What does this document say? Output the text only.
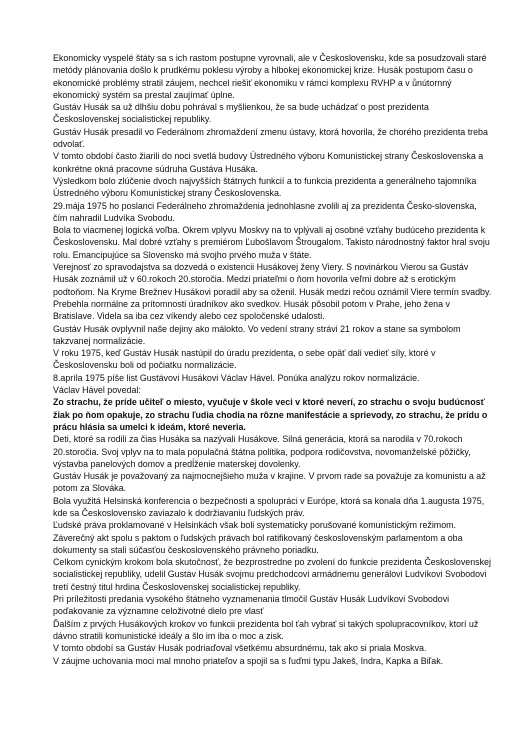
Ekonomicky vyspelé štáty sa s ich rastom postupne vyrovnali, ale v Československu, kde sa posudzovali staré metódy plánovania došlo k prudkému poklesu výroby a hlbokej ekonomickej krize. Husák postupom času o ekonomické problémy stratil záujem, nechcel riešiť ekonomiku v rámci komplexu RVHP a v ůnútornný ekonomický systém sa prestal zaujímať úplne.

Gustáv Husák sa už dlhšiu dobu pohrával s myšlienkou, že sa bude uchádzať o post prezidenta Československej socialistickej republiky.

Gustáv Husák presadil vo Federálnom zhromaždení zmenu ústavy, ktorá hovorila, že chorého prezidenta treba odvolať.

V tomto období často žiarili do noci svetlá budovy Ústredného výboru Komunistickej strany Československa a konkrétne okná pracovne súdruha Gustáva Husáka.

Výsledkom bolo zlúčenie dvoch najvyšších štátnych funkcií a to funkcia prezidenta a generálneho tajomníka Ústredného výboru Komunistickej strany Československa.

29.mája 1975 ho poslanci Federálneho zhromaždenia jednohlasne zvolili aj za prezidenta Česko-slovenska, čím nahradil Ludvíka Svobodu.

Bola to viacmenej logická voľba. Okrem vplyvu Moskvy na to vplývali aj osobné vzťahy budúceho prezidenta k Československu. Mal dobré vzťahy s premiérom Ľubošlavom Štrougalom. Takisto národnostný faktor hral svoju rolu. Emancipujúce sa Slovensko má svojho prvého muža v štáte.

Verejnosť zo spravodajstva sa dozvedá o existencii Husákovej ženy Viery. S novinárkou Vierou sa Gustáv Husák zoznámil už v 60.rokoch 20.storočia. Medzi priateľmi o ňom hovorila veľmi dobre až s erotickým podtoňom. Na Kryme Brežnev Husákovi poradil aby sa oženil. Husák medzi rečou oznámil Viere termín svadby. Prebehla normálne za prítomnosti úradníkov ako svedkov. Husák pôsobil potom v Prahe, jeho žena v Bratislave. Videla sa iba cez víkendy alebo cez spoločenské udalosti.

Gustáv Husák ovplyvnil naše dejiny ako málokto. Vo vedení strany strávi 21 rokov a stane sa symbolom takzvanej normalizácie.

V roku 1975, keď Gustáv Husák nastúpil do úradu prezidenta, o sebe opäť dali vedieť síly, ktoré v Československu boli od počiatku normalizácie.

8.apríla 1975 píše list Gustávovi Husákovi Václav Hável. Ponúka analýzu rokov normalizácie.

Václav Hável povedal:

Zo strachu, že príde učiteľ o miesto, vyučuje v škole veci v ktoré neverí, zo strachu o svoju budúcnosť žiak po ňom opakuje, zo strachu ľudia chodia na rôzne manifestácie a sprievody, zo strachu, že prídu o prácu hlásia sa umelci k ideám, ktoré neveria.

Deti, ktoré sa rodili za čias Husáka sa nazývali Husákove. Silná generácia, ktorá sa narodila v 70.rokoch 20.storočia. Svoj vplyv na to mala populačná štátna politika, podpora rodičovstva, novomanželské pôžičky, výstavba panelových domov a predĺženie materskej dovolenky.

Gustáv Husák je považovaný za najmocnejšieho muža v krajine. V prvom rade sa považuje za komunistu a až potom za Slováka.

Bola využitá Helsinská konferencia o bezpečnosti a spolupráci v Európe, ktorá sa konala dňa 1.augusta 1975, kde sa Československo zaviazalo k dodržiavaniu ľudských práv.

Ľudské práva proklamované v Helsinkách však boli systematicky porušované komunistickým režimom.

Záverečný akt spolu s paktom o ľudských právach bol ratifikovaný československým parlamentom a oba dokumenty sa stali súčasťou československého právneho poriadku.

Celkom cynickým krokom bola skutočnosť, že bezprostredne po zvolení do funkcie prezidenta Československej socialistickej republiky, udelil Gustáv Husák svojmu predchodcovi armádnemu generálovi Ludvíkovi Svobodovi tretí čestný titul hrdina Československej socialistickej republiky.

Pri príležitosti predania vysokého štátneho vyznamenania tlmočil Gustáv Husák Ludvíkovi Svobodovi poďakovanie za významne celoživotné dielo pre vlasť

Ďalším z prvých Husákových krokov vo funkcii prezidenta bol ťah vybrať si takých spolupracovníkov, ktorí už dávno stratili komunistické ideály a šlo im iba o moc a zisk.

V tomto období sa Gustáv Husák podriaďoval všetkému absurdnému, tak ako si priala Moskva.

V záujme uchovania moci mal mnoho priateľov a spojil sa s ľuďmi typu Jakeš, Indra, Kapka a Biľak.
